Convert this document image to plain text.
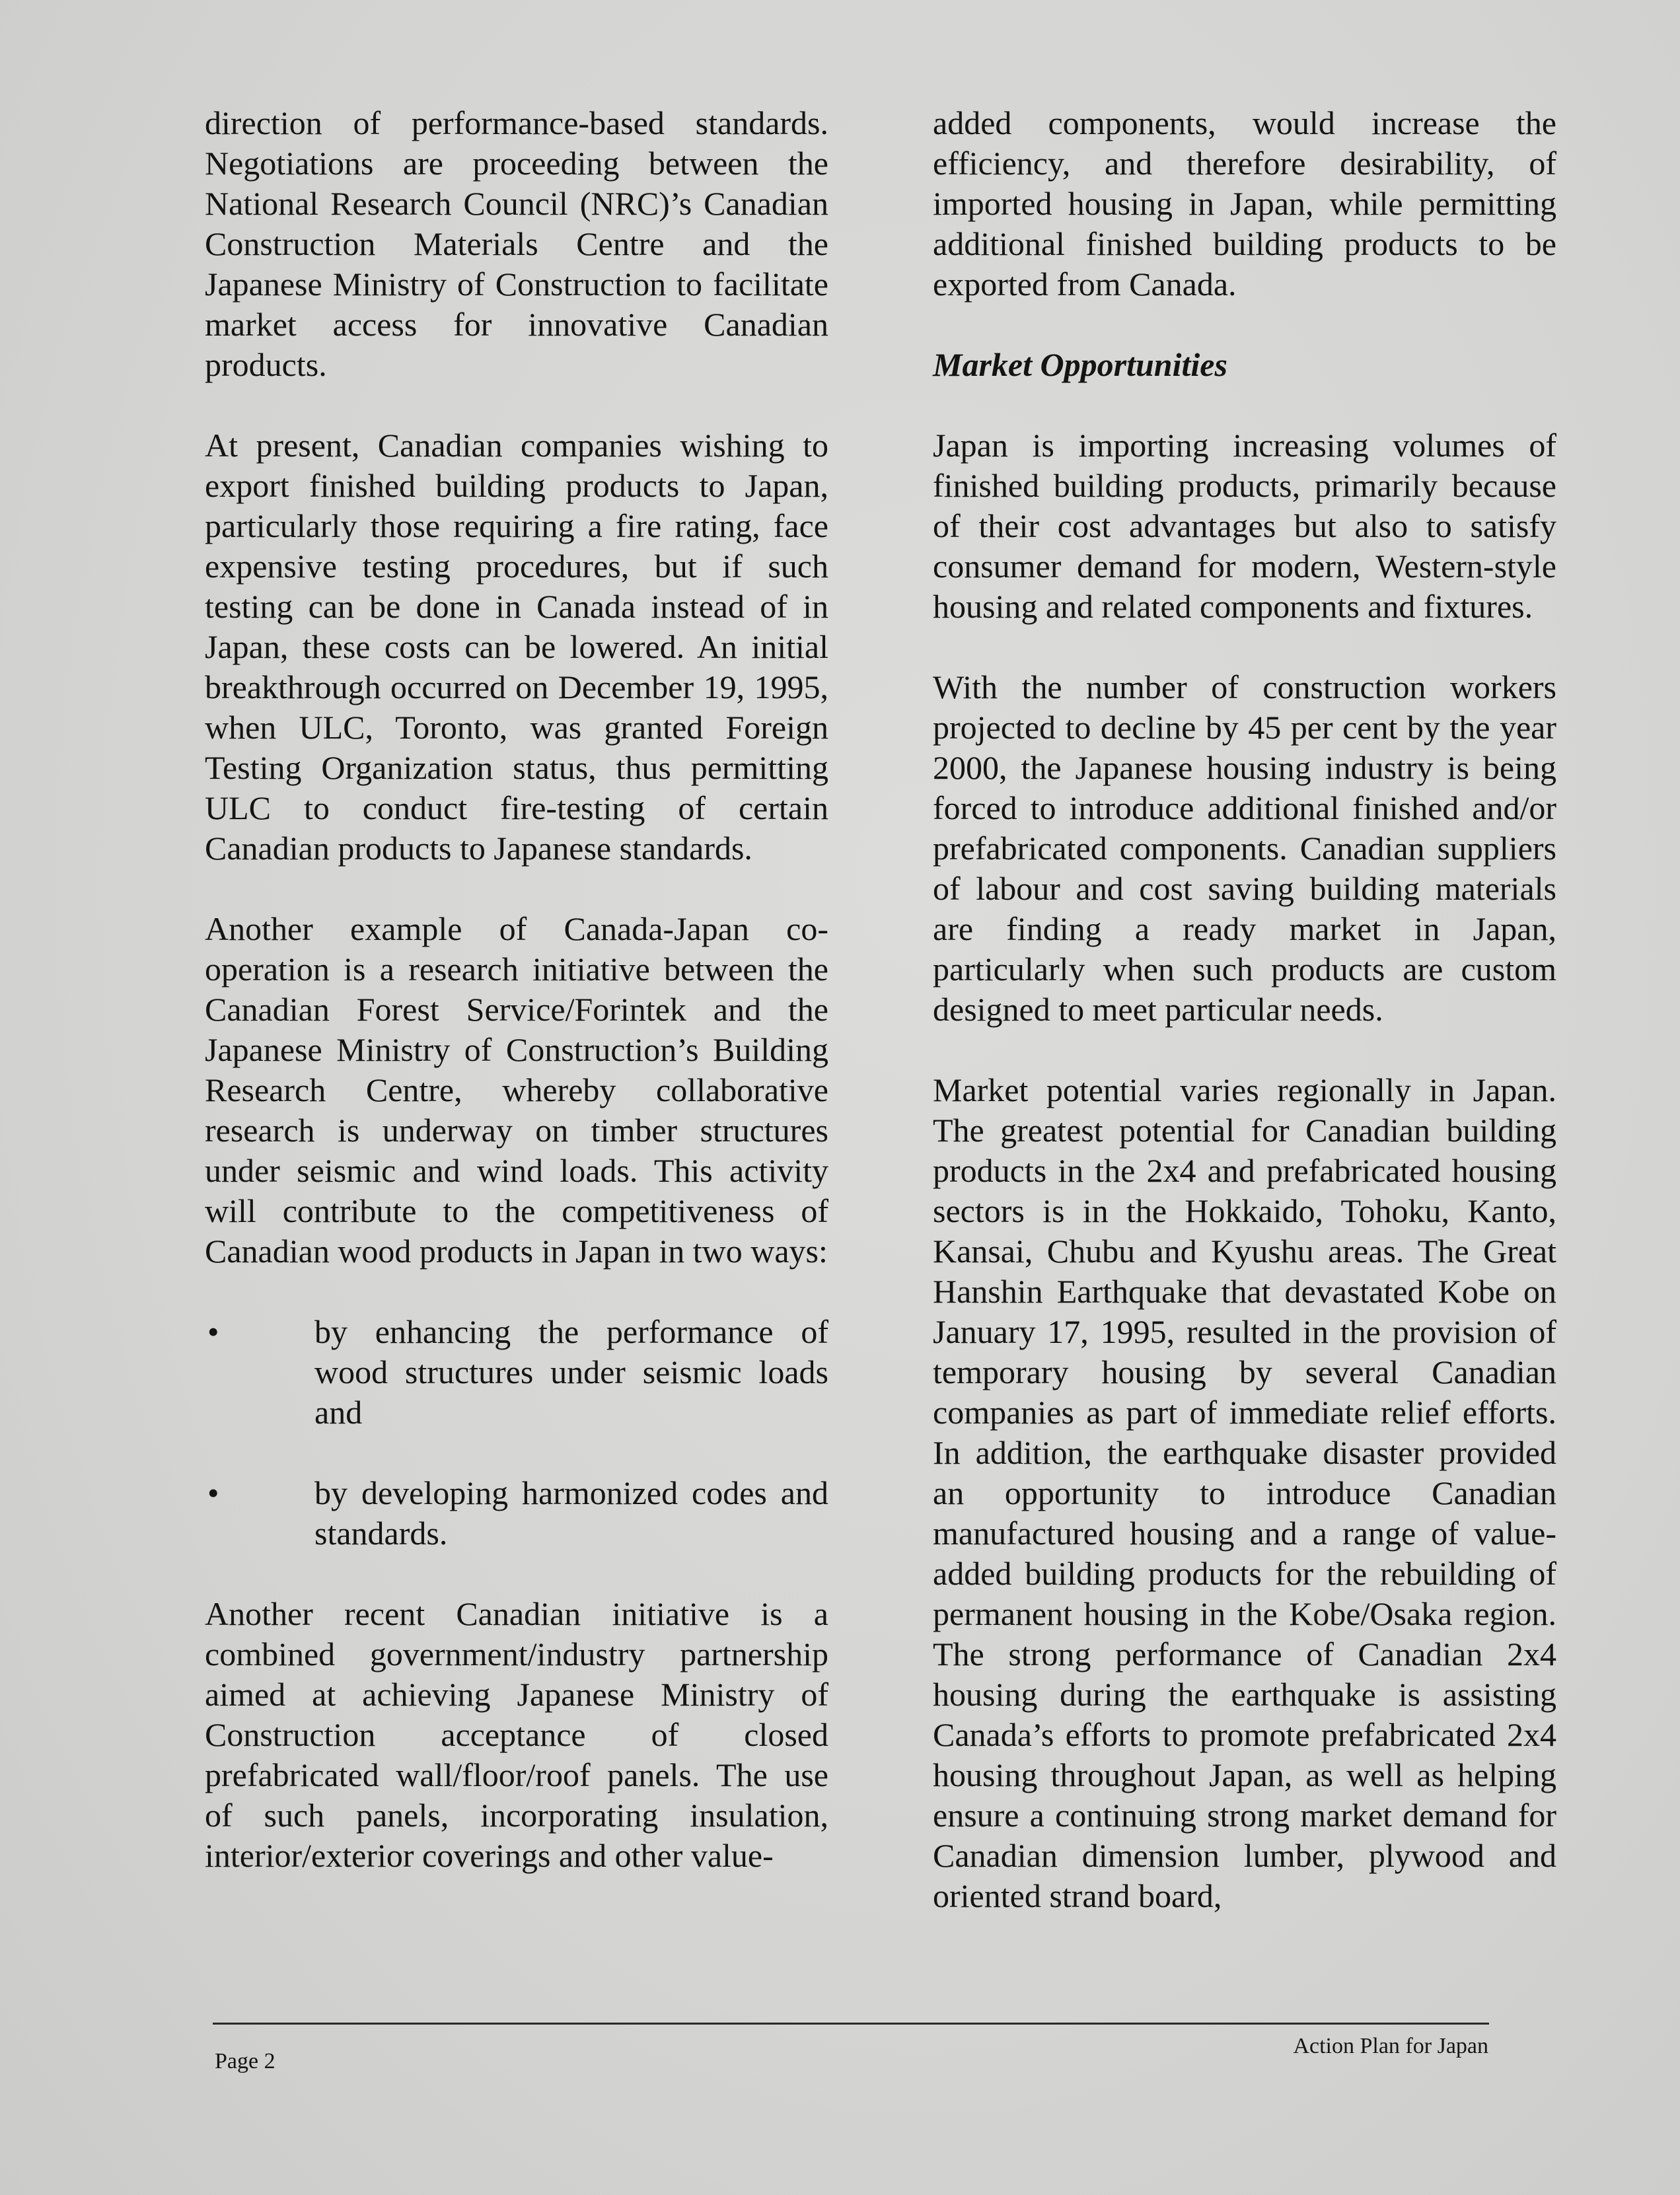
direction of performance-based standards. Negotiations are proceeding between the National Research Council (NRC)’s Canadian Construction Materials Centre and the Japanese Ministry of Construction to facilitate market access for innovative Canadian products.

At present, Canadian companies wishing to export finished building products to Japan, particularly those requiring a fire rating, face expensive testing procedures, but if such testing can be done in Canada instead of in Japan, these costs can be lowered. An initial breakthrough occurred on December 19, 1995, when ULC, Toronto, was granted Foreign Testing Organization status, thus permitting ULC to conduct fire-testing of certain Canadian products to Japanese standards.

Another example of Canada-Japan co-operation is a research initiative between the Canadian Forest Service/Forintek and the Japanese Ministry of Construction’s Building Research Centre, whereby collaborative research is underway on timber structures under seismic and wind loads. This activity will contribute to the competitiveness of Canadian wood products in Japan in two ways:

•	by enhancing the performance of wood structures under seismic loads and
•	by developing harmonized codes and standards.

Another recent Canadian initiative is a combined government/industry partnership aimed at achieving Japanese Ministry of Construction acceptance of closed prefabricated wall/floor/roof panels. The use of such panels, incorporating insulation, interior/exterior coverings and other value-

added components, would increase the efficiency, and therefore desirability, of imported housing in Japan, while permitting additional finished building products to be exported from Canada.

Market Opportunities

Japan is importing increasing volumes of finished building products, primarily because of their cost advantages but also to satisfy consumer demand for modern, Western-style housing and related components and fixtures.

With the number of construction workers projected to decline by 45 per cent by the year 2000, the Japanese housing industry is being forced to introduce additional finished and/or prefabricated components. Canadian suppliers of labour and cost saving building materials are finding a ready market in Japan, particularly when such products are custom designed to meet particular needs.

Market potential varies regionally in Japan. The greatest potential for Canadian building products in the 2x4 and prefabricated housing sectors is in the Hokkaido, Tohoku, Kanto, Kansai, Chubu and Kyushu areas. The Great Hanshin Earthquake that devastated Kobe on January 17, 1995, resulted in the provision of temporary housing by several Canadian companies as part of immediate relief efforts. In addition, the earthquake disaster provided an opportunity to introduce Canadian manufactured housing and a range of value-added building products for the rebuilding of permanent housing in the Kobe/Osaka region. The strong performance of Canadian 2x4 housing during the earthquake is assisting Canada’s efforts to promote prefabricated 2x4 housing throughout Japan, as well as helping ensure a continuing strong market demand for Canadian dimension lumber, plywood and oriented strand board,

Page 2
Action Plan for Japan
